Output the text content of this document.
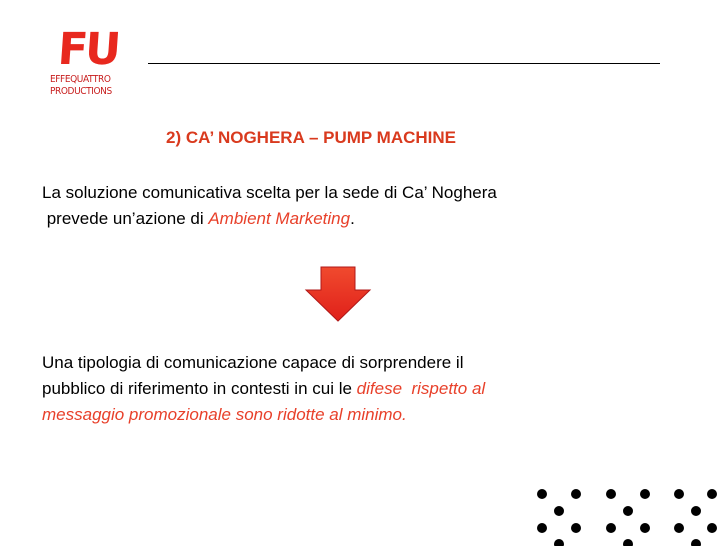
FU
EFFEQUATTRO
PRODUCTIONS
2) CA’ NOGHERA – PUMP MACHINE
La soluzione comunicativa scelta per la sede di Ca’ Noghera
prevede un’azione di Ambient Marketing.
Una tipologia di comunicazione capace di sorprendere il
pubblico di riferimento in contesti in cui le difese  rispetto al
messaggio promozionale sono ridotte al minimo.
